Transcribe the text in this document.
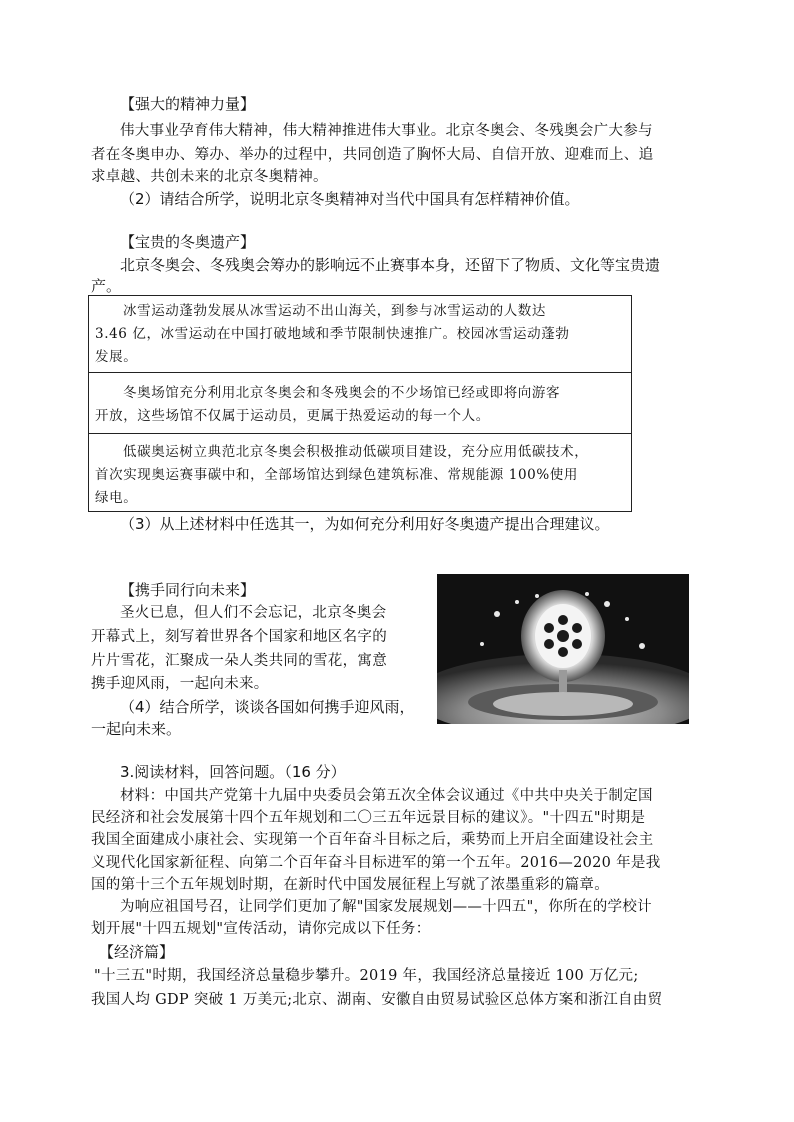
【强大的精神力量】
伟大事业孕育伟大精神，伟大精神推进伟大事业。北京冬奥会、冬残奥会广大参与
者在冬奥申办、筹办、举办的过程中，共同创造了胸怀大局、自信开放、迎难而上、追
求卓越、共创未来的北京冬奥精神。
（2）请结合所学，说明北京冬奥精神对当代中国具有怎样精神价值。
【宝贵的冬奥遗产】
北京冬奥会、冬残奥会筹办的影响远不止赛事本身，还留下了物质、文化等宝贵遗
产。
冰雪运动蓬勃发展从冰雪运动不出山海关，到参与冰雪运动的人数达
3.46 亿，冰雪运动在中国打破地域和季节限制快速推广。校园冰雪运动蓬勃
发展。
冬奥场馆充分利用北京冬奥会和冬残奥会的不少场馆已经或即将向游客
开放，这些场馆不仅属于运动员，更属于热爱运动的每一个人。
低碳奥运树立典范北京冬奥会积极推动低碳项目建设，充分应用低碳技术，
首次实现奥运赛事碳中和，全部场馆达到绿色建筑标准、常规能源 100%使用
绿电。
（3）从上述材料中任选其一，为如何充分利用好冬奥遗产提出合理建议。
【携手同行向未来】
圣火已息，但人们不会忘记，北京冬奥会
开幕式上，刻写着世界各个国家和地区名字的
片片雪花，汇聚成一朵人类共同的雪花，寓意
携手迎风雨，一起向未来。
（4）结合所学，谈谈各国如何携手迎风雨，
一起向未来。
3.阅读材料，回答问题。（16 分）
材料：中国共产党第十九届中央委员会第五次全体会议通过《中共中央关于制定国
民经济和社会发展第十四个五年规划和二〇三五年远景目标的建议》。"十四五"时期是
我国全面建成小康社会、实现第一个百年奋斗目标之后，乘势而上开启全面建设社会主
义现代化国家新征程、向第二个百年奋斗目标进军的第一个五年。2016—2020 年是我
国的第十三个五年规划时期，在新时代中国发展征程上写就了浓墨重彩的篇章。
为响应祖国号召，让同学们更加了解"国家发展规划——十四五"，你所在的学校计
划开展"十四五规划"宣传活动，请你完成以下任务：
【经济篇】
"十三五"时期，我国经济总量稳步攀升。2019 年，我国经济总量接近 100 万亿元;
我国人均 GDP 突破 1 万美元;北京、湖南、安徽自由贸易试验区总体方案和浙江自由贸
